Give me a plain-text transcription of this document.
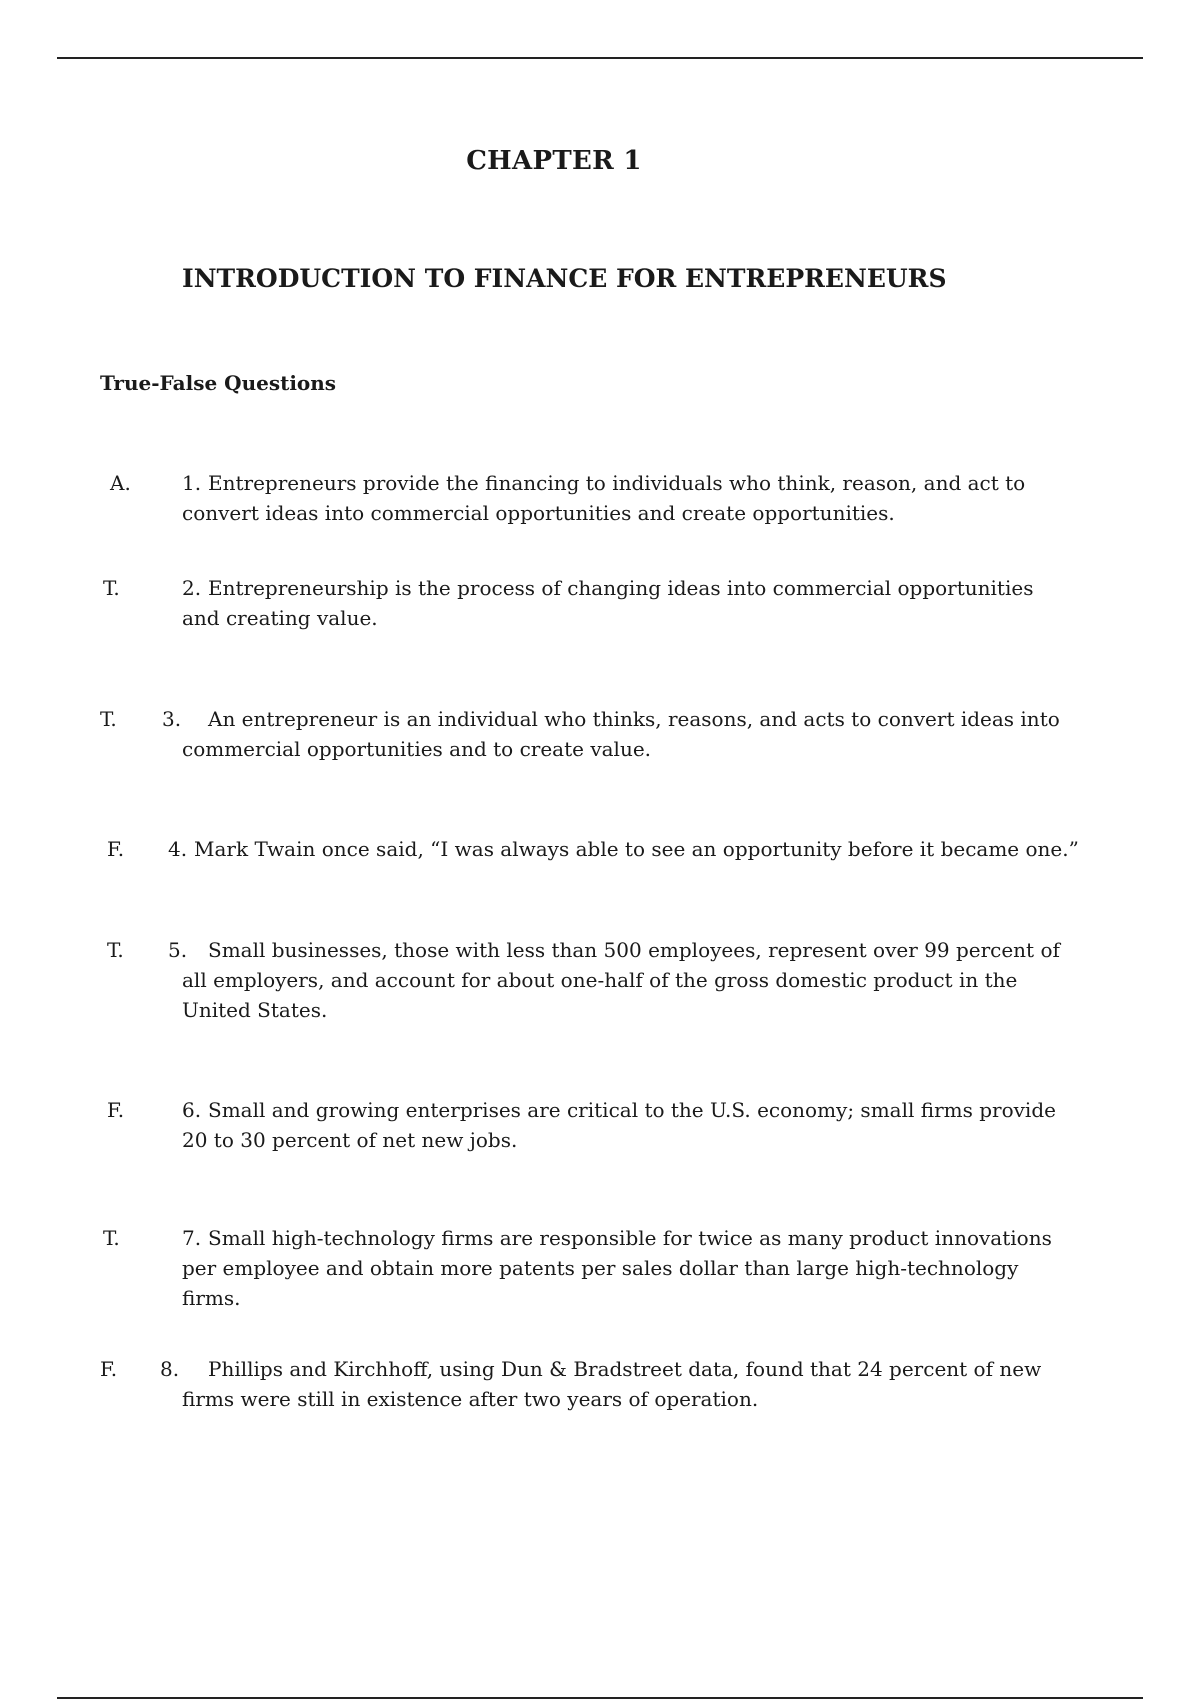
CHAPTER 1
INTRODUCTION TO FINANCE FOR ENTREPRENEURS
True-False Questions
A.	1. Entrepreneurs provide the financing to individuals who think, reason, and act to convert ideas into commercial opportunities and create opportunities.
T.	2. Entrepreneurship is the process of changing ideas into commercial opportunities and creating value.
T. 3.	An entrepreneur is an individual who thinks, reasons, and acts to convert ideas into commercial opportunities and to create value.
F. 4. Mark Twain once said, “I was always able to see an opportunity before it became one.”
T. 5.	Small businesses, those with less than 500 employees, represent over 99 percent of all employers, and account for about one-half of the gross domestic product in the United States.
F.	6. Small and growing enterprises are critical to the U.S. economy; small firms provide 20 to 30 percent of net new jobs.
T.	7. Small high-technology firms are responsible for twice as many product innovations per employee and obtain more patents per sales dollar than large high-technology firms.
F. 8.	Phillips and Kirchhoff, using Dun & Bradstreet data, found that 24 percent of new firms were still in existence after two years of operation.
